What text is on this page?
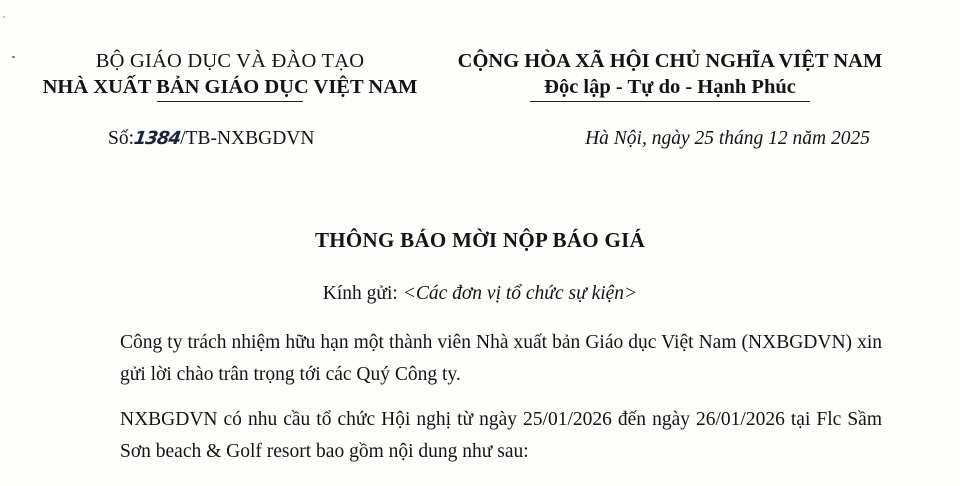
BỘ GIÁO DỤC VÀ ĐÀO TẠO
NHÀ XUẤT BẢN GIÁO DỤC VIỆT NAM
CỘNG HÒA XÃ HỘI CHỦ NGHĨA VIỆT NAM
Độc lập - Tự do - Hạnh Phúc
Số:1384/TB-NXBGDVN	Hà Nội, ngày 25 tháng 12 năm 2025
THÔNG BÁO MỜI NỘP BÁO GIÁ
Kính gửi: <Các đơn vị tổ chức sự kiện>
Công ty trách nhiệm hữu hạn một thành viên Nhà xuất bản Giáo dục Việt Nam (NXBGDVN) xin gửi lời chào trân trọng tới các Quý Công ty.
NXBGDVN có nhu cầu tổ chức Hội nghị từ ngày 25/01/2026 đến ngày 26/01/2026 tại Flc Sầm Sơn beach & Golf resort bao gồm nội dung như sau:
